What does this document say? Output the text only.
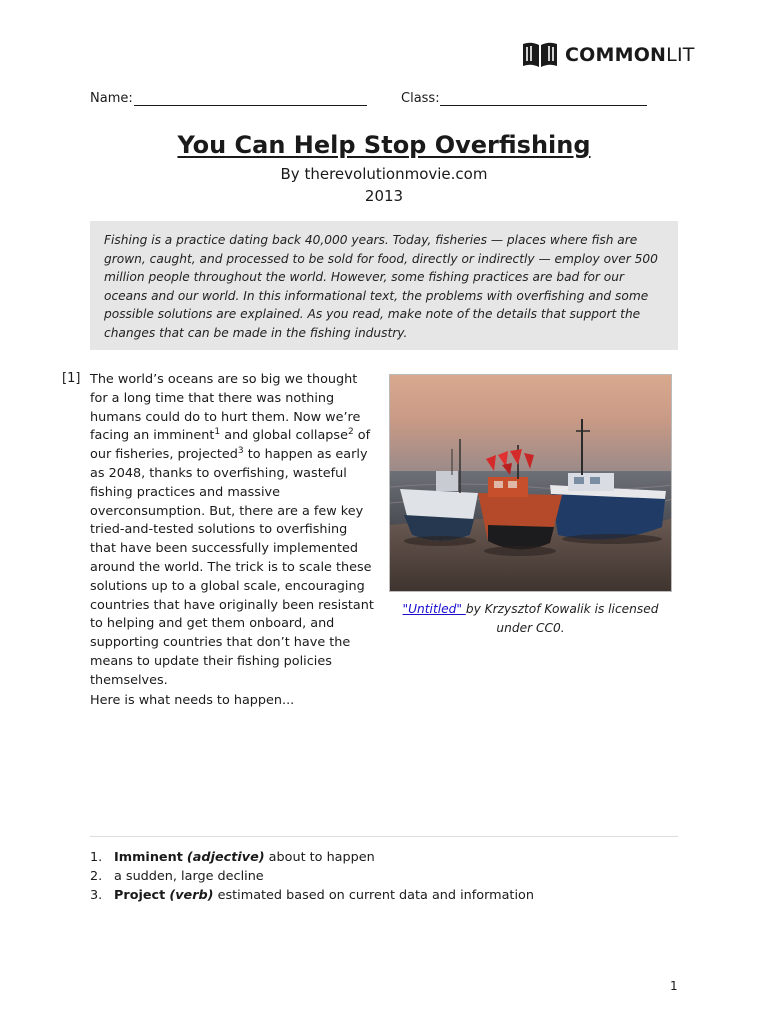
COMMONLIT
Name:	Class:
You Can Help Stop Overfishing
By therevolutionmovie.com
2013
Fishing is a practice dating back 40,000 years. Today, fisheries — places where fish are grown, caught, and processed to be sold for food, directly or indirectly — employ over 500 million people throughout the world. However, some fishing practices are bad for our oceans and our world. In this informational text, the problems with overfishing and some possible solutions are explained. As you read, make note of the details that support the changes that can be made in the fishing industry.
[1] The world’s oceans are so big we thought for a long time that there was nothing humans could do to hurt them. Now we’re facing an imminent$^1$ and global collapse$^2$ of our fisheries, projected$^3$ to happen as early as 2048, thanks to overfishing, wasteful fishing practices and massive overconsumption. But, there are a few key tried-and-tested solutions to overfishing that have been successfully implemented around the world. The trick is to scale these solutions up to a global scale, encouraging countries that have originally been resistant to helping and get them onboard, and supporting countries that don’t have the means to update their fishing policies themselves.
Here is what needs to happen...
"Untitled" by Krzysztof Kowalik is licensed under CC0.
1. Imminent (adjective) about to happen
2. a sudden, large decline
3. Project (verb) estimated based on current data and information
1
